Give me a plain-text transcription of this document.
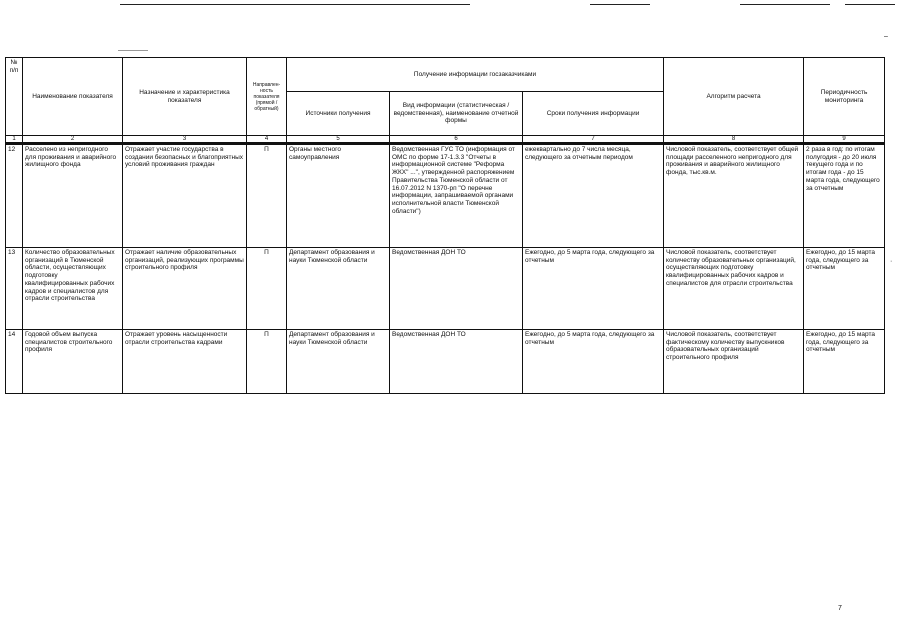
–
·
№ п/п	Наименование показателя	Назначение и характеристика показателя	Направлен-ность показателя (прямой / обратный)	Получение информации госзаказчиками			Алгоритм расчета	Периодичность мониторинга
				Источники получения	Вид информации (статистическая / ведомственная), наименование отчетной формы	Сроки получения информации		
1	2	3	4	5	6	7	8	9
12	Расселено из непригодного для проживания и аварийного жилищного фонда	Отражает участие государства в создании безопасных и благоприятных условий проживания граждан	П	Органы местного самоуправления	Ведомственная ГУС ТО (информация от ОМС по форме 17-1.3.3 "Отчеты в информационной системе "Реформа ЖКХ" ...", утвержденной распоряжением Правительства Тюменской области от 16.07.2012 N 1370-рп "О перечне информации, запрашиваемой органами исполнительной власти Тюменской области")	ежеквартально до 7 числа месяца, следующего за отчетным периодом	Числовой показатель, соответствует общей площади расселенного непригодного для проживания и аварийного жилищного фонда, тыс.кв.м.	2 раза в год: по итогам полугодия - до 20 июля текущего года и по итогам года - до 15 марта года, следующего за отчетным
13	Количество образовательных организаций в Тюменской области, осуществляющих подготовку квалифицированных рабочих кадров и специалистов для отрасли строительства	Отражает наличие образовательных организаций, реализующих программы строительного профиля	П	Департамент образования и науки Тюменской области	Ведомственная ДОН ТО	Ежегодно, до 5 марта года, следующего за отчетным	Числовой показатель, соответствует количеству образовательных организаций, осуществляющих подготовку квалифицированных рабочих кадров и специалистов для отрасли строительства	Ежегодно, до 15 марта года, следующего за отчетным
14	Годовой объем выпуска специалистов строительного профиля	Отражает уровень насыщенности отрасли строительства кадрами	П	Департамент образования и науки Тюменской области	Ведомственная ДОН ТО	Ежегодно, до 5 марта года, следующего за отчетным	Числовой показатель, соответствует фактическому количеству выпускников образовательных организаций строительного профиля	Ежегодно, до 15 марта года, следующего за отчетным
7
